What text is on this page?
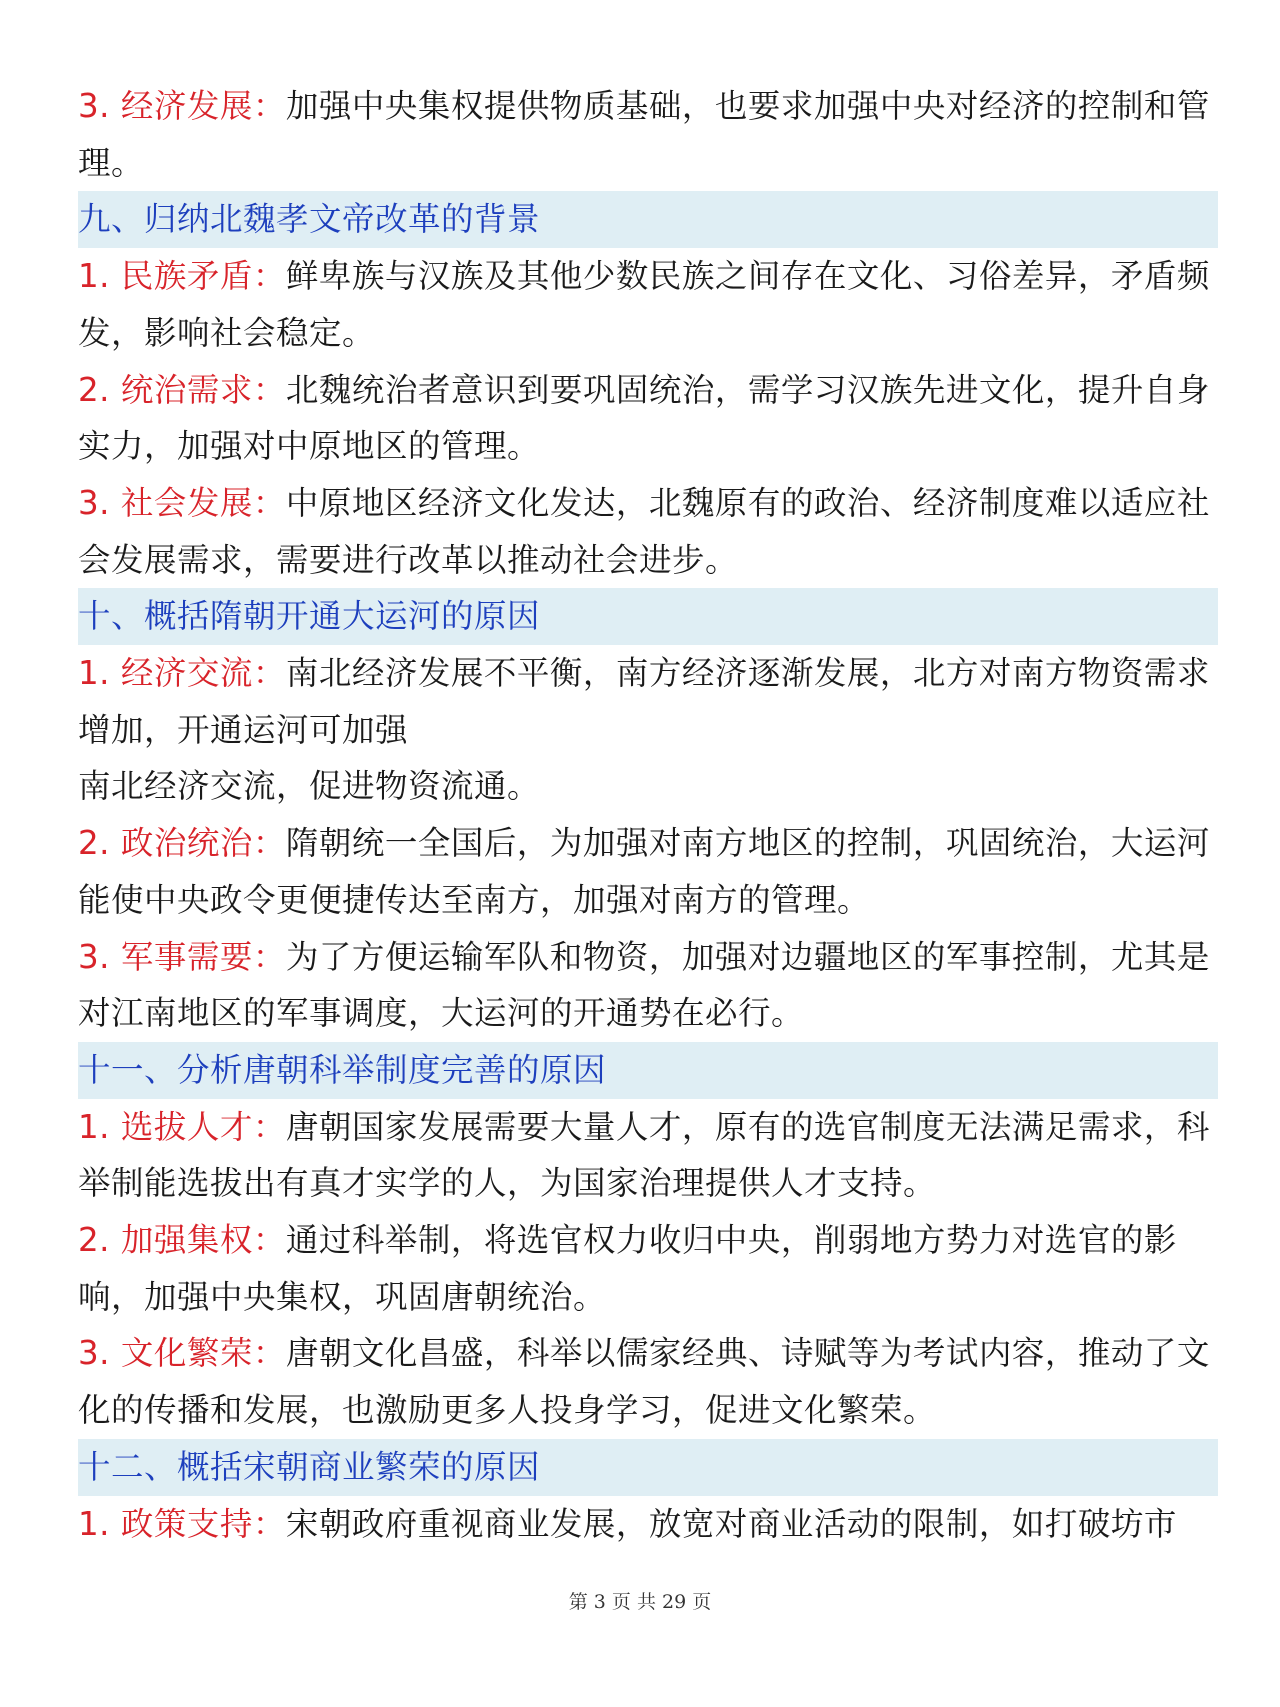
3. 经济发展：加强中央集权提供物质基础，也要求加强中央对经济的控制和管理。

九、归纳北魏孝文帝改革的背景

1. 民族矛盾：鲜卑族与汉族及其他少数民族之间存在文化、习俗差异，矛盾频发，影响社会稳定。

2. 统治需求：北魏统治者意识到要巩固统治，需学习汉族先进文化，提升自身实力，加强对中原地区的管理。

3. 社会发展：中原地区经济文化发达，北魏原有的政治、经济制度难以适应社会发展需求，需要进行改革以推动社会进步。

十、概括隋朝开通大运河的原因

1. 经济交流：南北经济发展不平衡，南方经济逐渐发展，北方对南方物资需求增加，开通运河可加强
南北经济交流，促进物资流通。

2. 政治统治：隋朝统一全国后，为加强对南方地区的控制，巩固统治，大运河能使中央政令更便捷传达至南方，加强对南方的管理。

3. 军事需要：为了方便运输军队和物资，加强对边疆地区的军事控制，尤其是对江南地区的军事调度，大运河的开通势在必行。

十一、分析唐朝科举制度完善的原因

1. 选拔人才：唐朝国家发展需要大量人才，原有的选官制度无法满足需求，科举制能选拔出有真才实学的人，为国家治理提供人才支持。

2. 加强集权：通过科举制，将选官权力收归中央，削弱地方势力对选官的影响，加强中央集权，巩固唐朝统治。

3. 文化繁荣：唐朝文化昌盛，科举以儒家经典、诗赋等为考试内容，推动了文化的传播和发展，也激励更多人投身学习，促进文化繁荣。

十二、概括宋朝商业繁荣的原因

1. 政策支持：宋朝政府重视商业发展，放宽对商业活动的限制，如打破坊市

第 3 页 共 29 页
